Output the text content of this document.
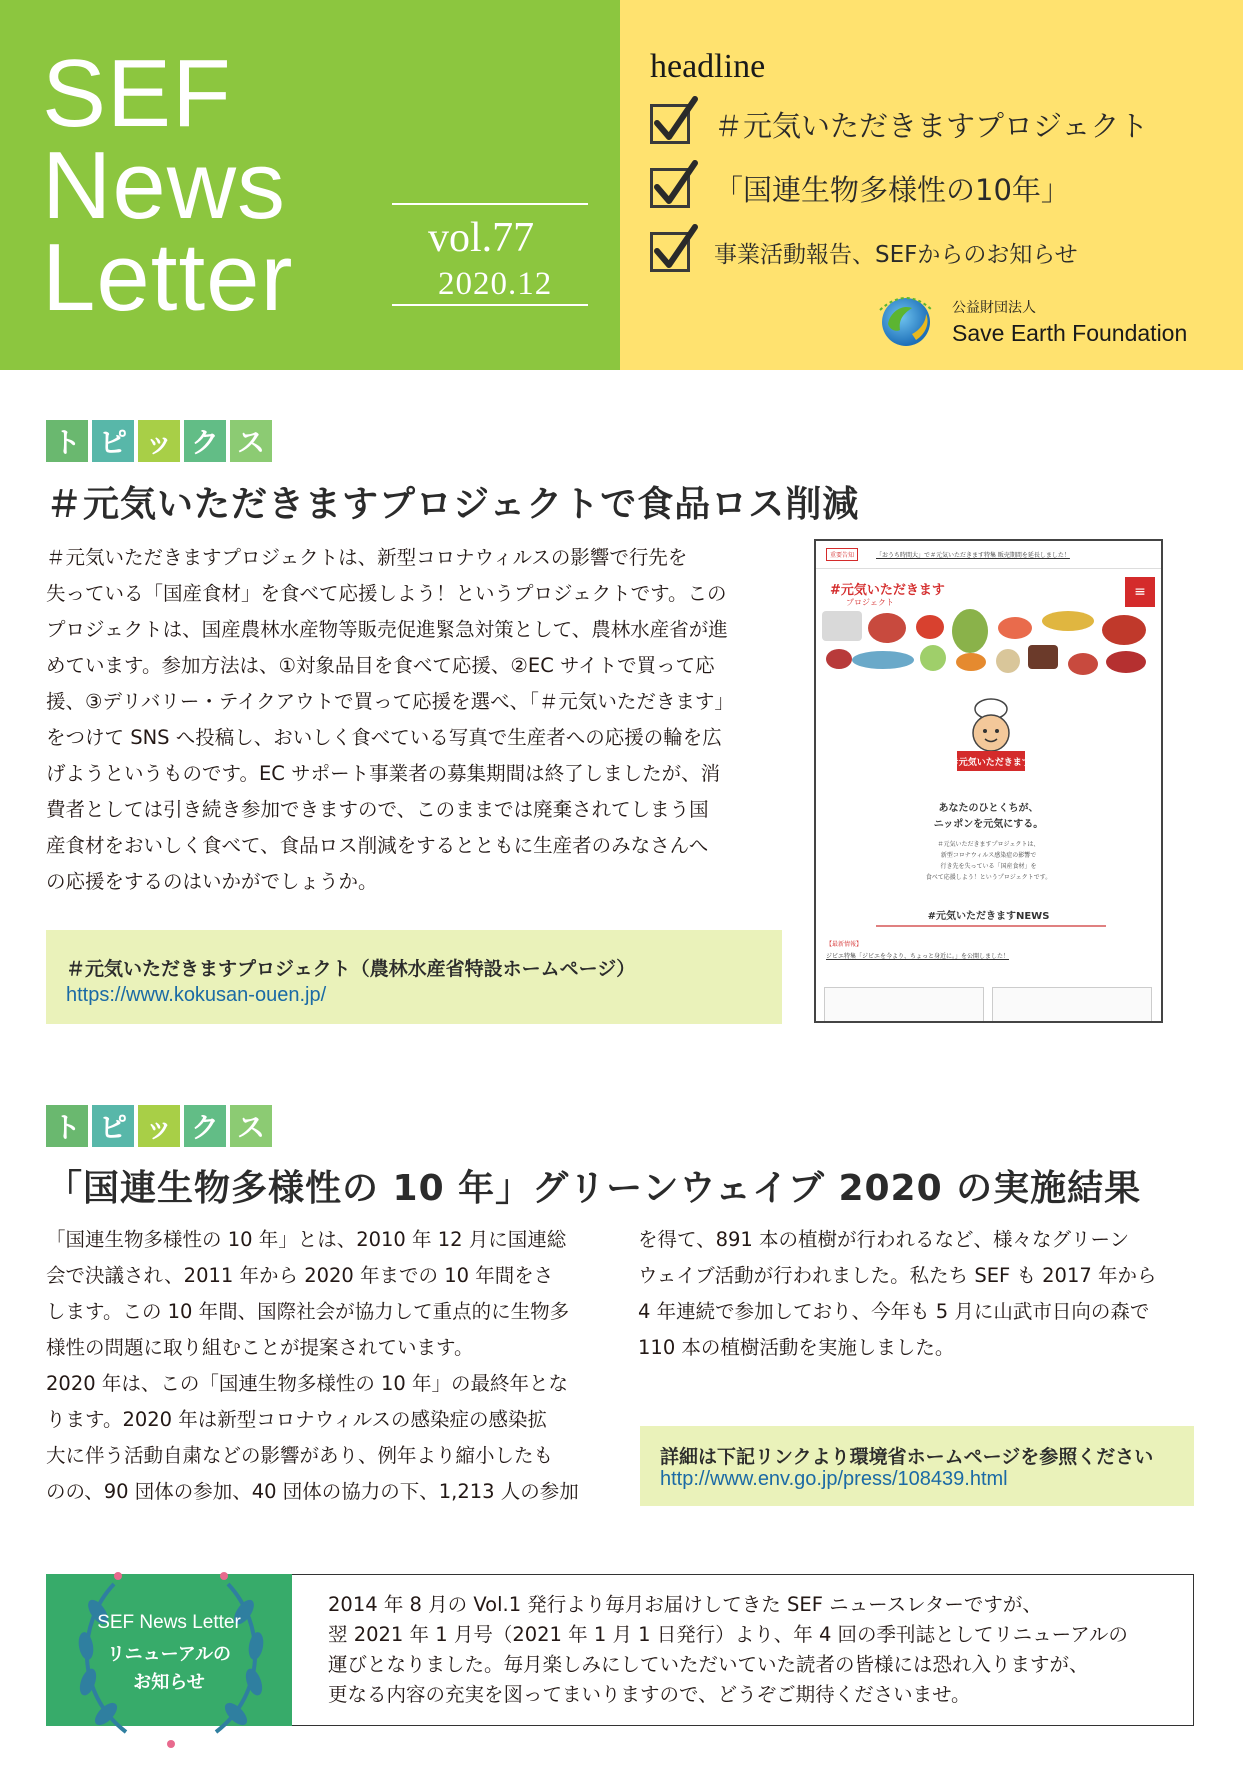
SEF
News
Letter	vol.77
2020.12
headline
＃元気いただきますプロジェクト
「国連生物多様性の10年」
事業活動報告、SEFからのお知らせ
公益財団法人
Save Earth Foundation
ト ピ ッ ク ス
＃元気いただきますプロジェクトで食品ロス削減
＃元気いただきますプロジェクトは、新型コロナウィルスの影響で行先を
失っている「国産食材」を食べて応援しよう！というプロジェクトです。この
プロジェクトは、国産農林水産物等販売促進緊急対策として、農林水産省が進
めています。参加方法は、①対象品目を食べて応援、②EC サイトで買って応
援、③デリバリー・テイクアウトで買って応援を選べ、「＃元気いただきます」
をつけて SNS へ投稿し、おいしく食べている写真で生産者への応援の輪を広
げようというものです。EC サポート事業者の募集期間は終了しましたが、消
費者としては引き続き参加できますので、このままでは廃棄されてしまう国
産食材をおいしく食べて、食品ロス削減をするとともに生産者のみなさんへ
の応援をするのはいかがでしょうか。
＃元気いただきますプロジェクト（農林水産省特設ホームページ）
https://www.kokusan-ouen.jp/
重要告知	「おうち時間大」で＃元気いただきます特集 販売期間を延長しました！
#元気いただきます
プロジェクト
≡
#元気いただきます
あなたのひとくちが、
ニッポンを元気にする。
＃元気いただきますプロジェクトは、
新型コロナウィルス感染症の影響で
行き先を失っている「国産食材」を
食べて応援しよう！というプロジェクトです。
#元気いただきますNEWS
【最新情報】
ジビエ特集「ジビエを今より、ちょっと身近に。」を公開しました！
ト ピ ッ ク ス
「国連生物多様性の 10 年」グリーンウェイブ 2020 の実施結果
「国連生物多様性の 10 年」とは、2010 年 12 月に国連総
会で決議され、2011 年から 2020 年までの 10 年間をさ
します。この 10 年間、国際社会が協力して重点的に生物多
様性の問題に取り組むことが提案されています。
2020 年は、この「国連生物多様性の 10 年」の最終年とな
ります。2020 年は新型コロナウィルスの感染症の感染拡
大に伴う活動自粛などの影響があり、例年より縮小したも
のの、90 団体の参加、40 団体の協力の下、1,213 人の参加
を得て、891 本の植樹が行われるなど、様々なグリーン
ウェイブ活動が行われました。私たち SEF も 2017 年から
4 年連続で参加しており、今年も 5 月に山武市日向の森で
110 本の植樹活動を実施しました。
詳細は下記リンクより環境省ホームページを参照ください
http://www.env.go.jp/press/108439.html
SEF News Letter
リニューアルの
お知らせ
2014 年 8 月の Vol.1 発行より毎月お届けしてきた SEF ニュースレターですが、
翌 2021 年 1 月号（2021 年 1 月 1 日発行）より、年 4 回の季刊誌としてリニューアルの
運びとなりました。毎月楽しみにしていただいていた読者の皆様には恐れ入りますが、
更なる内容の充実を図ってまいりますので、どうぞご期待くださいませ。
